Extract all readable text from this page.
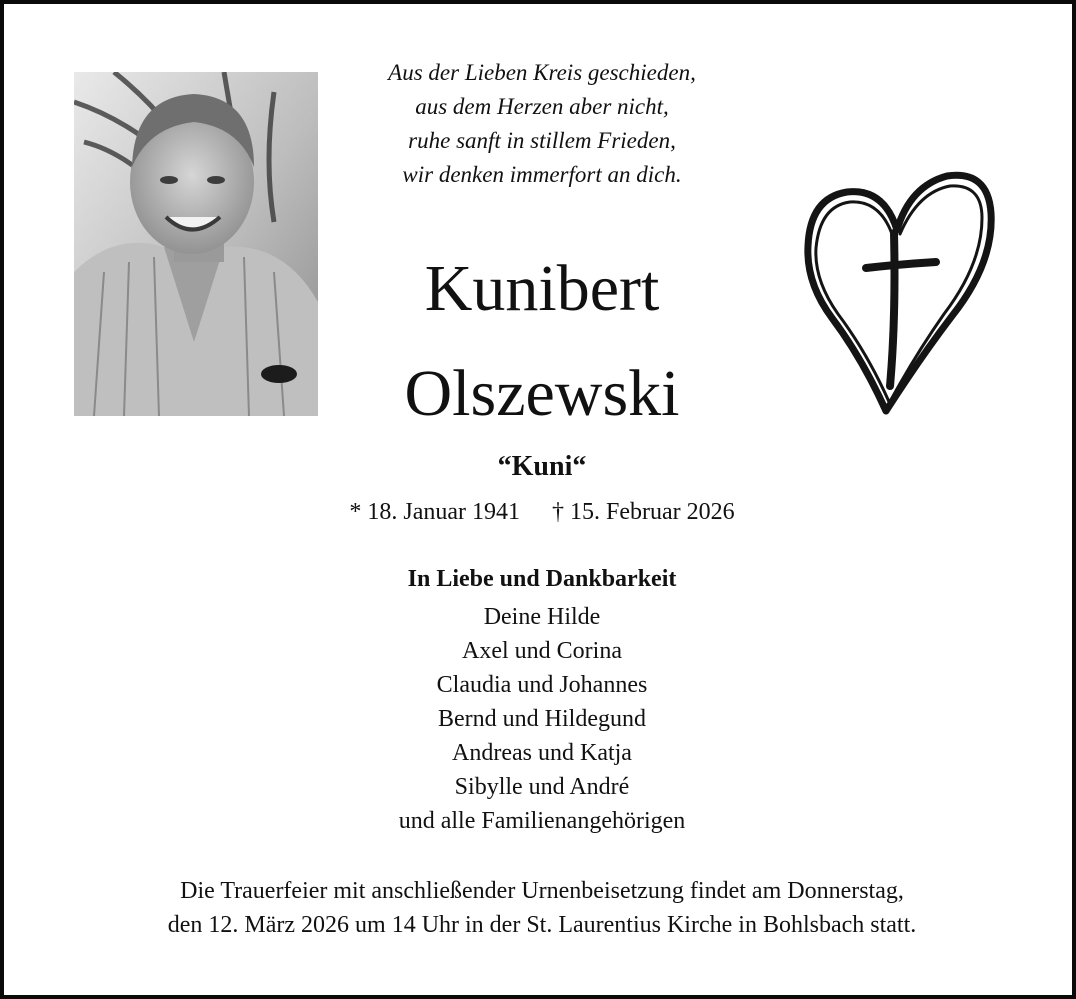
Aus der Lieben Kreis geschieden,
aus dem Herzen aber nicht,
ruhe sanft in stillem Frieden,
wir denken immerfort an dich.
Kunibert
Olszewski
“Kuni“
* 18. Januar 1941 † 15. Februar 2026
In Liebe und Dankbarkeit
Deine Hilde
Axel und Corina
Claudia und Johannes
Bernd und Hildegund
Andreas und Katja
Sibylle und André
und alle Familienangehörigen
Die Trauerfeier mit anschließender Urnenbeisetzung findet am Donnerstag,
den 12. März 2026 um 14 Uhr in der St. Laurentius Kirche in Bohlsbach statt.
